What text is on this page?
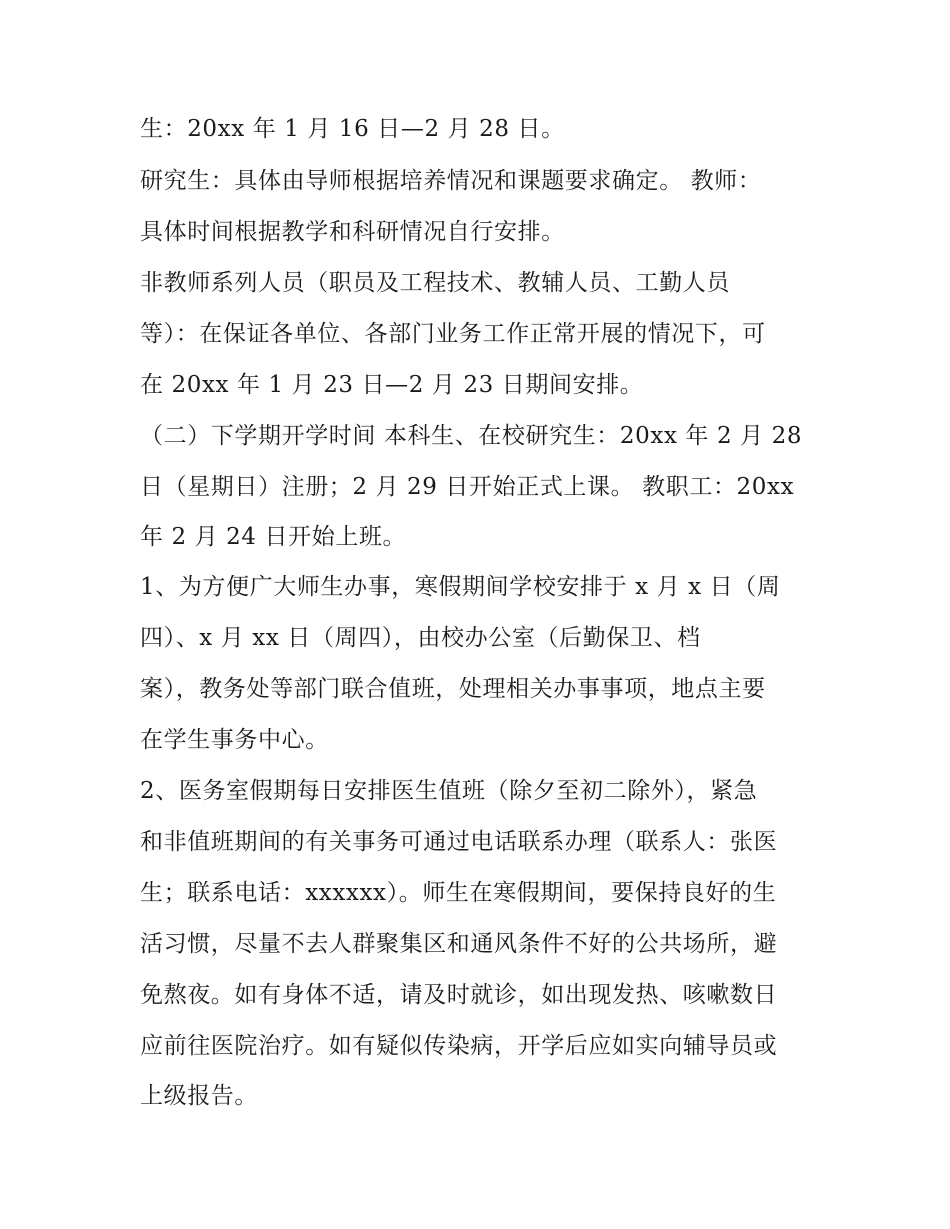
生：20xx 年 1 月 16 日—2 月 28 日。
研究生：具体由导师根据培养情况和课题要求确定。 教师：
具体时间根据教学和科研情况自行安排。
非教师系列人员（职员及工程技术、教辅人员、工勤人员
等）：在保证各单位、各部门业务工作正常开展的情况下，可
在 20xx 年 1 月 23 日—2 月 23 日期间安排。
（二）下学期开学时间 本科生、在校研究生：20xx 年 2 月 28
日（星期日）注册；2 月 29 日开始正式上课。 教职工：20xx
年 2 月 24 日开始上班。
1、为方便广大师生办事，寒假期间学校安排于 x 月 x 日（周
四）、x 月 xx 日（周四），由校办公室（后勤保卫、档
案），教务处等部门联合值班，处理相关办事事项，地点主要
在学生事务中心。
2、医务室假期每日安排医生值班（除夕至初二除外），紧急
和非值班期间的有关事务可通过电话联系办理（联系人：张医
生；联系电话：xxxxxx）。师生在寒假期间，要保持良好的生
活习惯，尽量不去人群聚集区和通风条件不好的公共场所，避
免熬夜。如有身体不适，请及时就诊，如出现发热、咳嗽数日
应前往医院治疗。如有疑似传染病，开学后应如实向辅导员或
上级报告。
